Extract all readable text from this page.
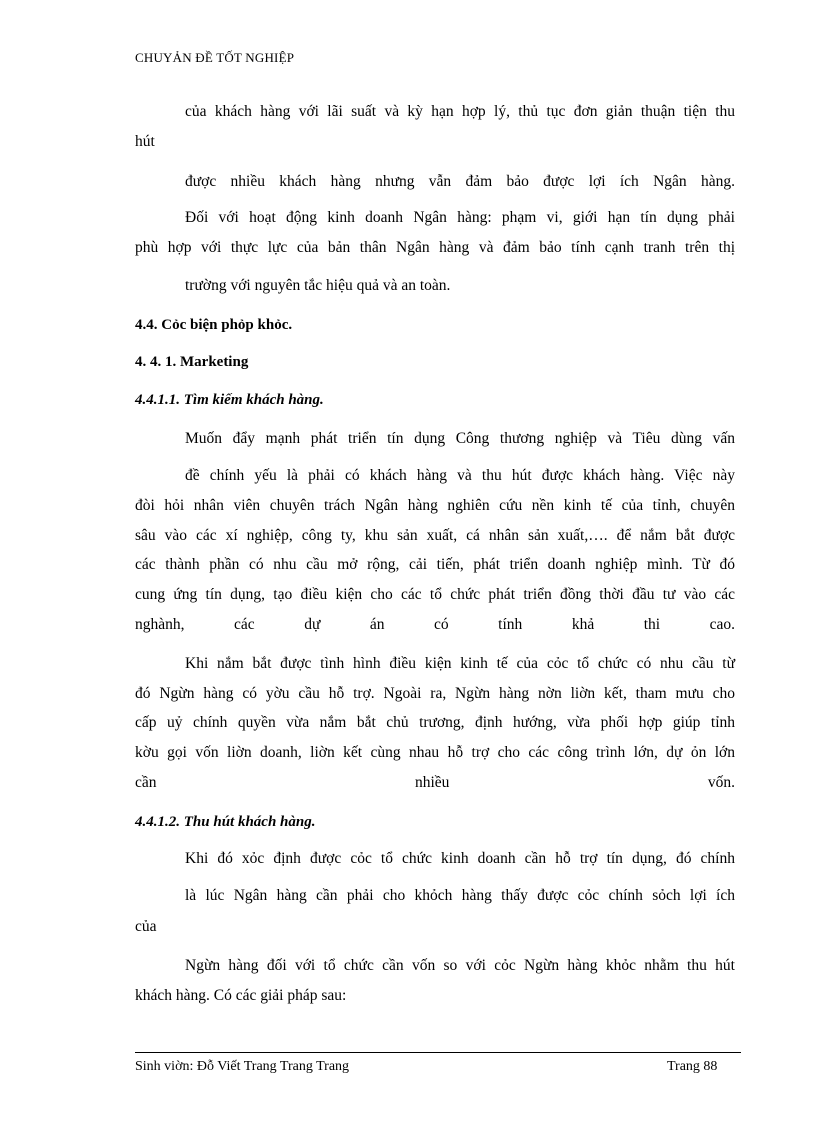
CHUYẢN ĐỀ TỐT NGHIỆP
của khách hàng với lãi suất và kỳ hạn hợp lý, thủ tục đơn giản thuận tiện thu
hút
được nhiều khách hàng nhưng vẫn đảm bảo được lợi ích Ngân hàng.
Đối với hoạt động kinh doanh Ngân hàng: phạm vi, giới hạn tín dụng phải
phù hợp với thực lực của bản thân Ngân hàng và đảm bảo tính cạnh tranh trên thị
trường với nguyên tắc hiệu quả và an toàn.
4.4. Cỏc biện phỏp khỏc.
4. 4. 1. Marketing
4.4.1.1. Tìm kiếm khách hàng.
Muốn đẩy mạnh phát triển tín dụng Công thương nghiệp và Tiêu dùng vấn
đề chính yếu là phải có khách hàng và thu hút được khách hàng. Việc này
đòi hỏi nhân viên chuyên trách Ngân hàng nghiên cứu nền kinh tế của tỉnh, chuyên
sâu vào các xí nghiệp, công ty, khu sản xuất, cá nhân sản xuất,…. để nắm bắt được
các thành phần có nhu cầu mở rộng, cải tiến, phát triển doanh nghiệp mình. Từ đó
cung ứng tín dụng, tạo điều kiện cho các tổ chức phát triển đồng thời đầu tư vào các
nghành,	các	dự	án	có	tính	khả	thi	cao.
Khi nắm bắt được tình hình điều kiện kinh tế của cỏc tổ chức có nhu cầu từ
đó Ngừn hàng có yờu cầu hỗ trợ. Ngoài ra, Ngừn hàng nờn liờn kết, tham mưu cho
cấp uỷ chính quyền vừa nắm bắt chủ trương, định hướng, vừa phối hợp giúp tỉnh
kờu gọi vốn liờn doanh, liờn kết cùng nhau hỗ trợ cho các công trình lớn, dự ỏn lớn
cần	nhiều	vốn.
4.4.1.2. Thu hút khách hàng.
Khi đó xỏc định được cỏc tổ chức kinh doanh cần hỗ trợ tín dụng, đó chính
là lúc Ngân hàng cần phải cho khỏch hàng thấy được cỏc chính sỏch lợi ích
của
Ngừn hàng đối với tổ chức cần vốn so với cỏc Ngừn hàng khỏc nhằm thu hút
khách hàng. Có các giải pháp sau:
Sinh viờn: Đỗ Viết Trang Trang Trang	Trang 88
